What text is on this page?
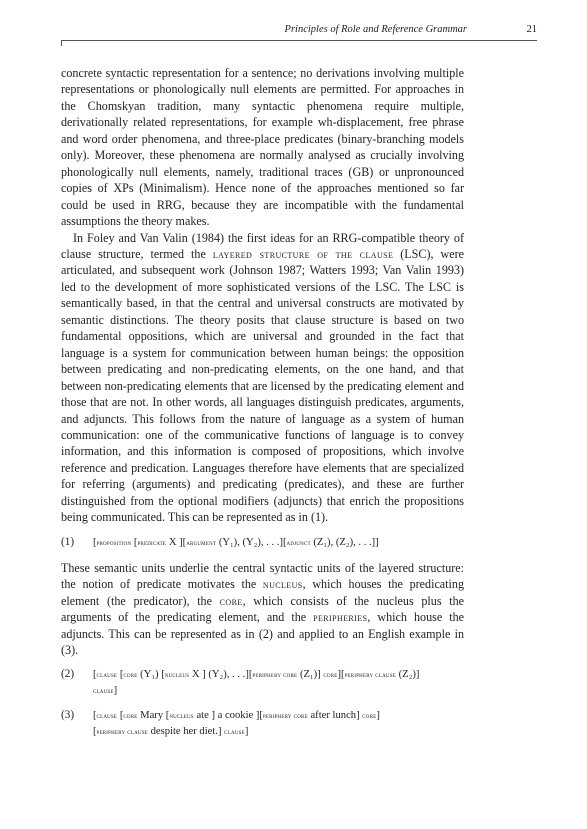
Principles of Role and Reference Grammar	21

concrete syntactic representation for a sentence; no derivations involving multiple representations or phonologically null elements are permitted. For approaches in the Chomskyan tradition, many syntactic phenomena require multiple, derivationally related representations, for example wh-displacement, free phrase and word order phenomena, and three-place predicates (binary-branching models only). Moreover, these phenomena are normally analysed as crucially involving phonologically null elements, namely, traditional traces (GB) or unpronounced copies of XPs (Minimalism). Hence none of the approaches mentioned so far could be used in RRG, because they are incompatible with the fundamental assumptions the theory makes.

In Foley and Van Valin (1984) the first ideas for an RRG-compatible theory of clause structure, termed the layered structure of the clause (LSC), were articulated, and subsequent work (Johnson 1987; Watters 1993; Van Valin 1993) led to the development of more sophisticated versions of the LSC. The LSC is semantically based, in that the central and universal constructs are motivated by semantic distinctions. The theory posits that clause structure is based on two fundamental oppositions, which are universal and grounded in the fact that language is a system for communication between human beings: the opposition between predicating and non-predicating elements, on the one hand, and that between non-predicating elements that are licensed by the predicating element and those that are not. In other words, all languages distinguish predicates, arguments, and adjuncts. This follows from the nature of language as a system of human communication: one of the communicative functions of language is to convey information, and this information is composed of propositions, which involve reference and predication. Languages therefore have elements that are specialized for referring (arguments) and predicating (predicates), and these are further distinguished from the optional modifiers (adjuncts) that enrich the propositions being communicated. This can be represented as in (1).

(1) [proposition [predicate X ][argument (Y₁), (Y₂), . . .][adjunct (Z₁), (Z₂), . . .]]

These semantic units underlie the central syntactic units of the layered structure: the notion of predicate motivates the nucleus, which houses the predicating element (the predicator), the core, which consists of the nucleus plus the arguments of the predicating element, and the peripheries, which house the adjuncts. This can be represented as in (2) and applied to an English example in (3).

(2) [clause [core (Y₁) [nucleus X ] (Y₂), . . .][periphery core (Z₁)] core][periphery clause (Z₂)]
clause]
(3) [clause [core Mary [nucleus ate ] a cookie ][periphery core after lunch] core]
[periphery clause despite her diet.] clause]
